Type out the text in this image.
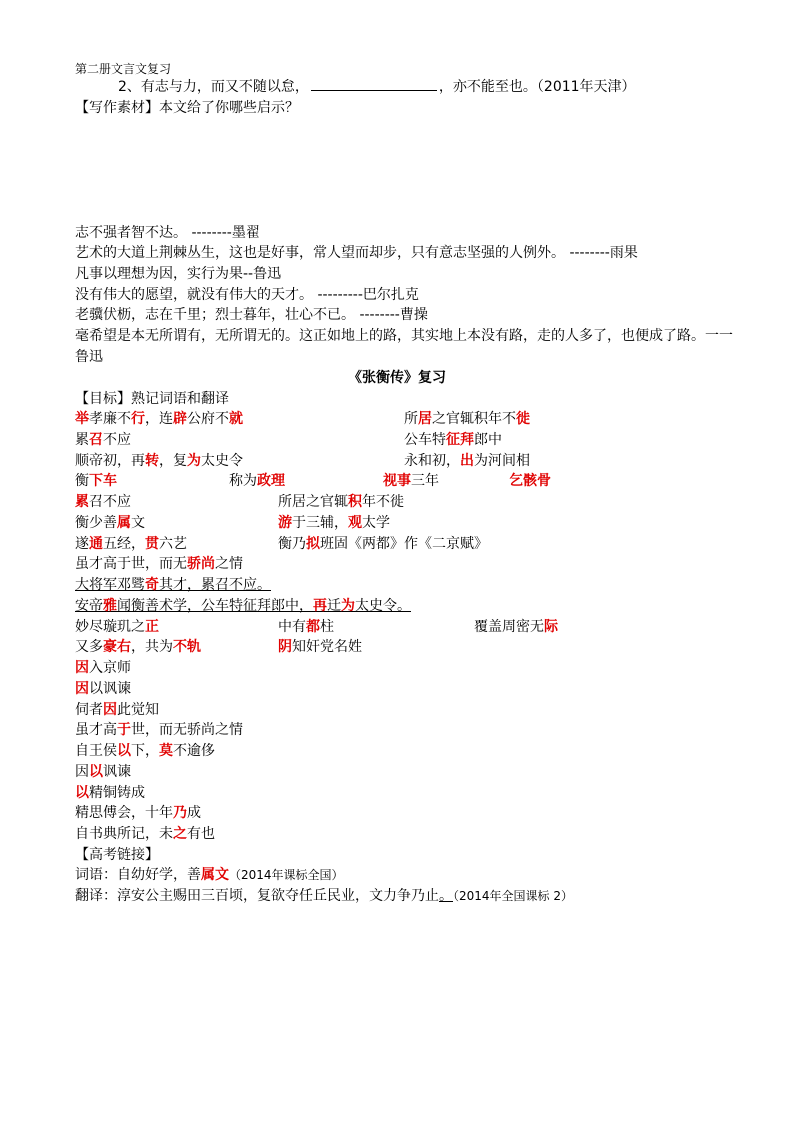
第二册文言文复习
2、有志与力，而又不随以怠，	，亦不能至也。（2011年天津）
【写作素材】本文给了你哪些启示？
志不强者智不达。 --------墨翟
艺术的大道上荆棘丛生，这也是好事，常人望而却步，只有意志坚强的人例外。 --------雨果
凡事以理想为因，实行为果--鲁迅
没有伟大的愿望，就没有伟大的天才。 ---------巴尔扎克
老骥伏枥，志在千里；烈士暮年，壮心不已。 --------曹操
毫希望是本无所谓有，无所谓无的。这正如地上的路，其实地上本没有路，走的人多了，也便成了路。一一
鲁迅
《张衡传》复习
【目标】熟记词语和翻译
举孝廉不行，连辟公府不就	所居之官辄积年不徙
累召不应	公车特征拜郎中
顺帝初，再转，复为太史令	永和初，出为河间相
衡下车	称为政理	视事三年	乞骸骨
累召不应	所居之官辄积年不徙
衡少善属文	游于三辅，观太学
遂通五经，贯六艺	衡乃拟班固《两都》作《二京赋》
虽才高于世，而无骄尚之情
大将军邓骘奇其才，累召不应。
安帝雅闻衡善术学，公车特征拜郎中，再迁为太史令。
妙尽璇玑之正	中有都柱	覆盖周密无际
又多豪右，共为不轨	阴知奸党名姓
因入京师
因以讽谏
伺者因此觉知
虽才高于世，而无骄尚之情
自王侯以下，莫不逾侈
因以讽谏
以精铜铸成
精思傅会，十年乃成
自书典所记，未之有也
【高考链接】
词语：自幼好学，善属文（2014年课标全国）
翻译：淳安公主赐田三百顷，复欲夺任丘民业，文力争乃止。（2014年全国课标 2）
